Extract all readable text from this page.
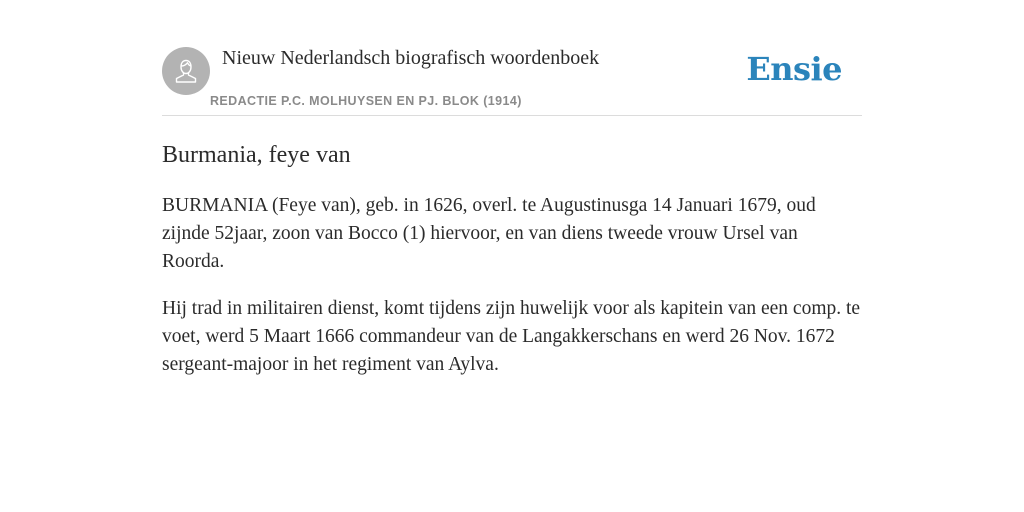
Nieuw Nederlandsch biografisch woordenboek
REDACTIE P.C. MOLHUYSEN EN PJ. BLOK (1914)
Ensie
Burmania, feye van

BURMANIA (Feye van), geb. in 1626, overl. te Augustinusga 14 Januari 1679, oud zijnde 52jaar, zoon van Bocco (1) hiervoor, en van diens tweede vrouw Ursel van Roorda.

Hij trad in militairen dienst, komt tijdens zijn huwelijk voor als kapitein van een comp. te voet, werd 5 Maart 1666 commandeur van de Langakkerschans en werd 26 Nov. 1672 sergeant-majoor in het regiment van Aylva.
